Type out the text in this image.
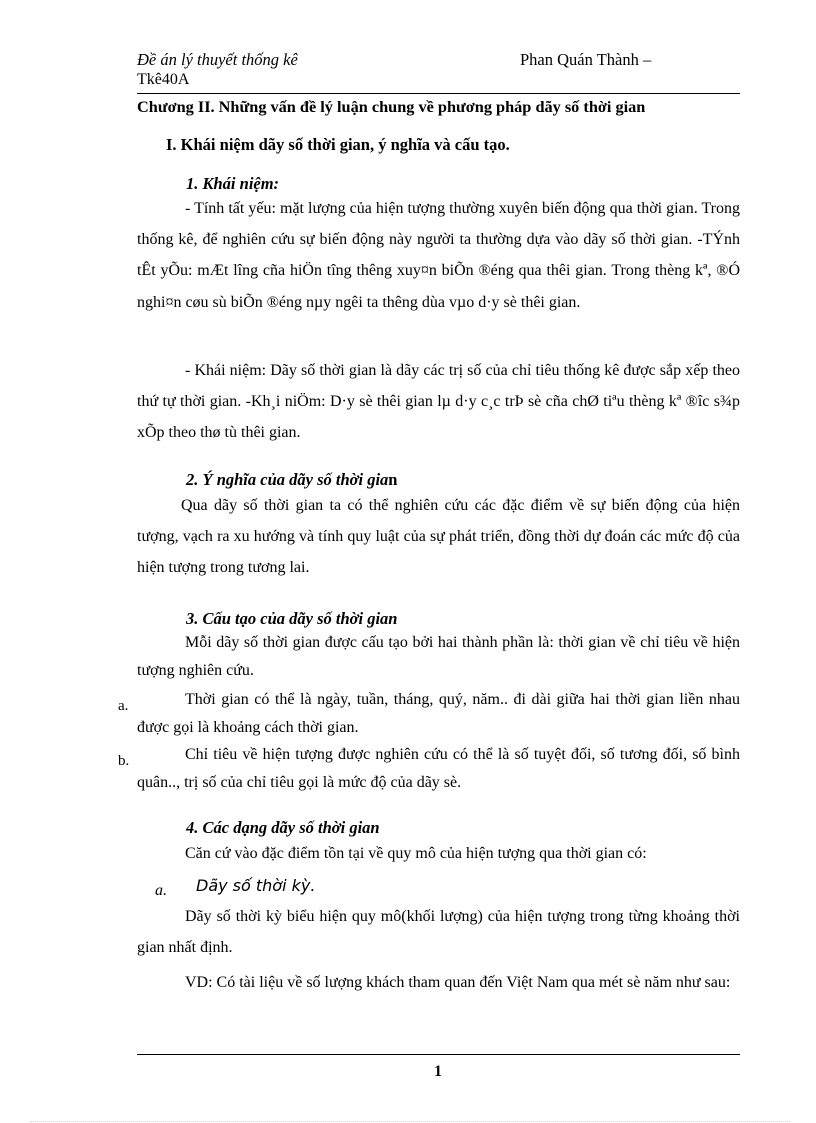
Đề án lý thuyết thống kê
Tkê40A
Phan Quán Thành –
Chương II. Những vấn đề lý luận chung về phương pháp dãy số thời gian
I. Khái niệm dãy số thời gian, ý nghĩa và cấu tạo.
1. Khái niệm:
- Tính tất yếu: mặt lượng của hiện tượng thường xuyên biến động qua thời gian. Trong thống kê, để nghiên cứu sự biến động này người ta thường dựa vào dãy số thời gian. -TÝnh tÊt yÕu: mÆt lîng cña hiÖn tîng thêng xuy¤n biÕn ®éng qua thêi gian. Trong thèng kª, ®Ó nghi¤n cøu sù biÕn ®éng nµy ngêi ta thêng dùa vµo d·y sè thêi gian.
- Khái niệm: Dãy số thời gian là dãy các trị số của chỉ tiêu thống kê được sắp xếp theo thứ tự thời gian. -Kh¸i niÖm: D·y sè thêi gian lµ d·y c¸c trÞ sè cña chØ tiªu thèng kª ®îc s¾p xÕp theo thø tù thêi gian.
2. Ý nghĩa của dãy số thời gian
Qua dãy số thời gian ta có thể nghiên cứu các đặc điểm về sự biến động của hiện tượng, vạch ra xu hướng và tính quy luật của sự phát triển, đồng thời dự đoán các mức độ của hiện tượng trong tương lai.
3. Cấu tạo của dãy số thời gian
Mỗi dãy số thời gian được cấu tạo bởi hai thành phần là: thời gian về chỉ tiêu về hiện tượng nghiên cứu.
a.	Thời gian có thể là ngày, tuần, tháng, quý, năm.. đi dài giữa hai thời gian liền nhau được gọi là khoảng cách thời gian.
b.	Chỉ tiêu về hiện tượng được nghiên cứu có thể là số tuyệt đối, số tương đối, số bình quân.., trị số của chỉ tiêu gọi là mức độ của dãy sè.
4. Các dạng dãy số thời gian
Căn cứ vào đặc điểm tồn tại về quy mô của hiện tượng qua thời gian có:
a. Dãy số thời kỳ.
Dãy số thời kỳ biểu hiện quy mô(khối lượng) của hiện tượng trong từng khoảng thời gian nhất định.
VD: Có tài liệu về số lượng khách tham quan đến Việt Nam qua mét sè năm như sau:
1
